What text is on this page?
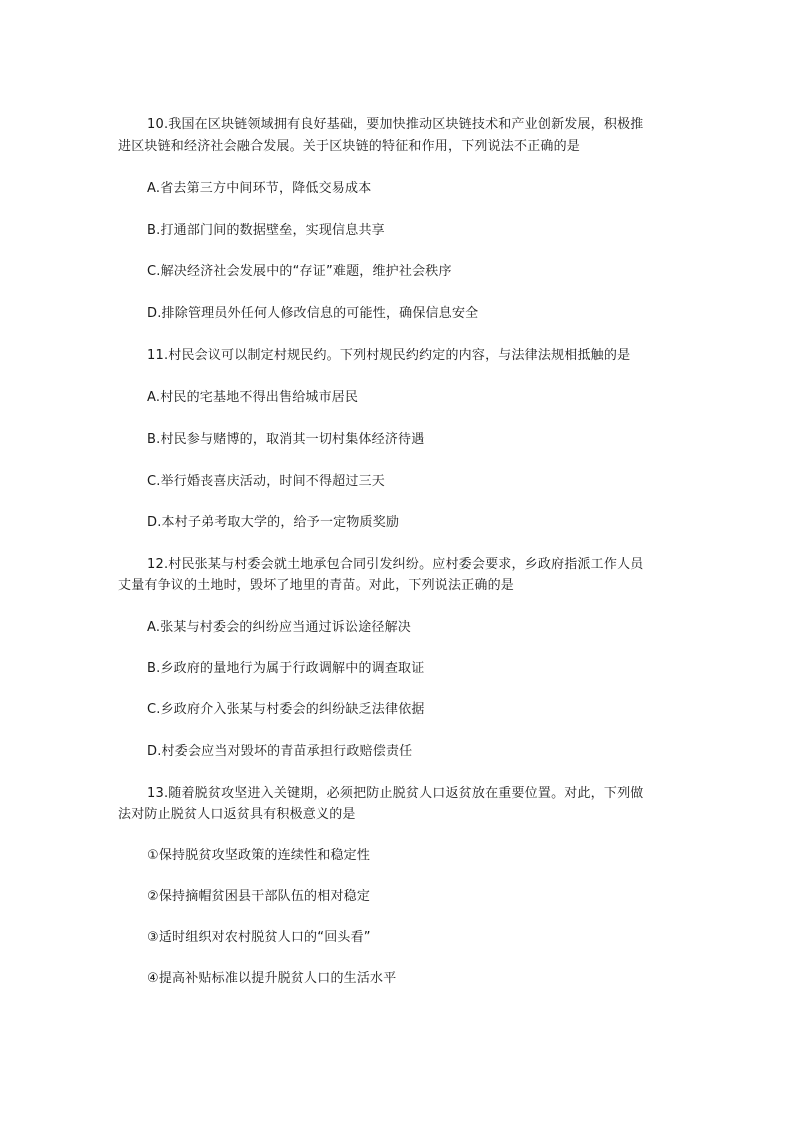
10.我国在区块链领域拥有良好基础，要加快推动区块链技术和产业创新发展，积极推
进区块链和经济社会融合发展。关于区块链的特征和作用，下列说法不正确的是
A.省去第三方中间环节，降低交易成本
B.打通部门间的数据壁垒，实现信息共享
C.解决经济社会发展中的“存证”难题，维护社会秩序
D.排除管理员外任何人修改信息的可能性，确保信息安全
11.村民会议可以制定村规民约。下列村规民约约定的内容，与法律法规相抵触的是
A.村民的宅基地不得出售给城市居民
B.村民参与赌博的，取消其一切村集体经济待遇
C.举行婚丧喜庆活动，时间不得超过三天
D.本村子弟考取大学的，给予一定物质奖励
12.村民张某与村委会就土地承包合同引发纠纷。应村委会要求，乡政府指派工作人员
丈量有争议的土地时，毁坏了地里的青苗。对此，下列说法正确的是
A.张某与村委会的纠纷应当通过诉讼途径解决
B.乡政府的量地行为属于行政调解中的调查取证
C.乡政府介入张某与村委会的纠纷缺乏法律依据
D.村委会应当对毁坏的青苗承担行政赔偿责任
13.随着脱贫攻坚进入关键期，必须把防止脱贫人口返贫放在重要位置。对此，下列做
法对防止脱贫人口返贫具有积极意义的是
①保持脱贫攻坚政策的连续性和稳定性
②保持摘帽贫困县干部队伍的相对稳定
③适时组织对农村脱贫人口的“回头看”
④提高补贴标准以提升脱贫人口的生活水平
